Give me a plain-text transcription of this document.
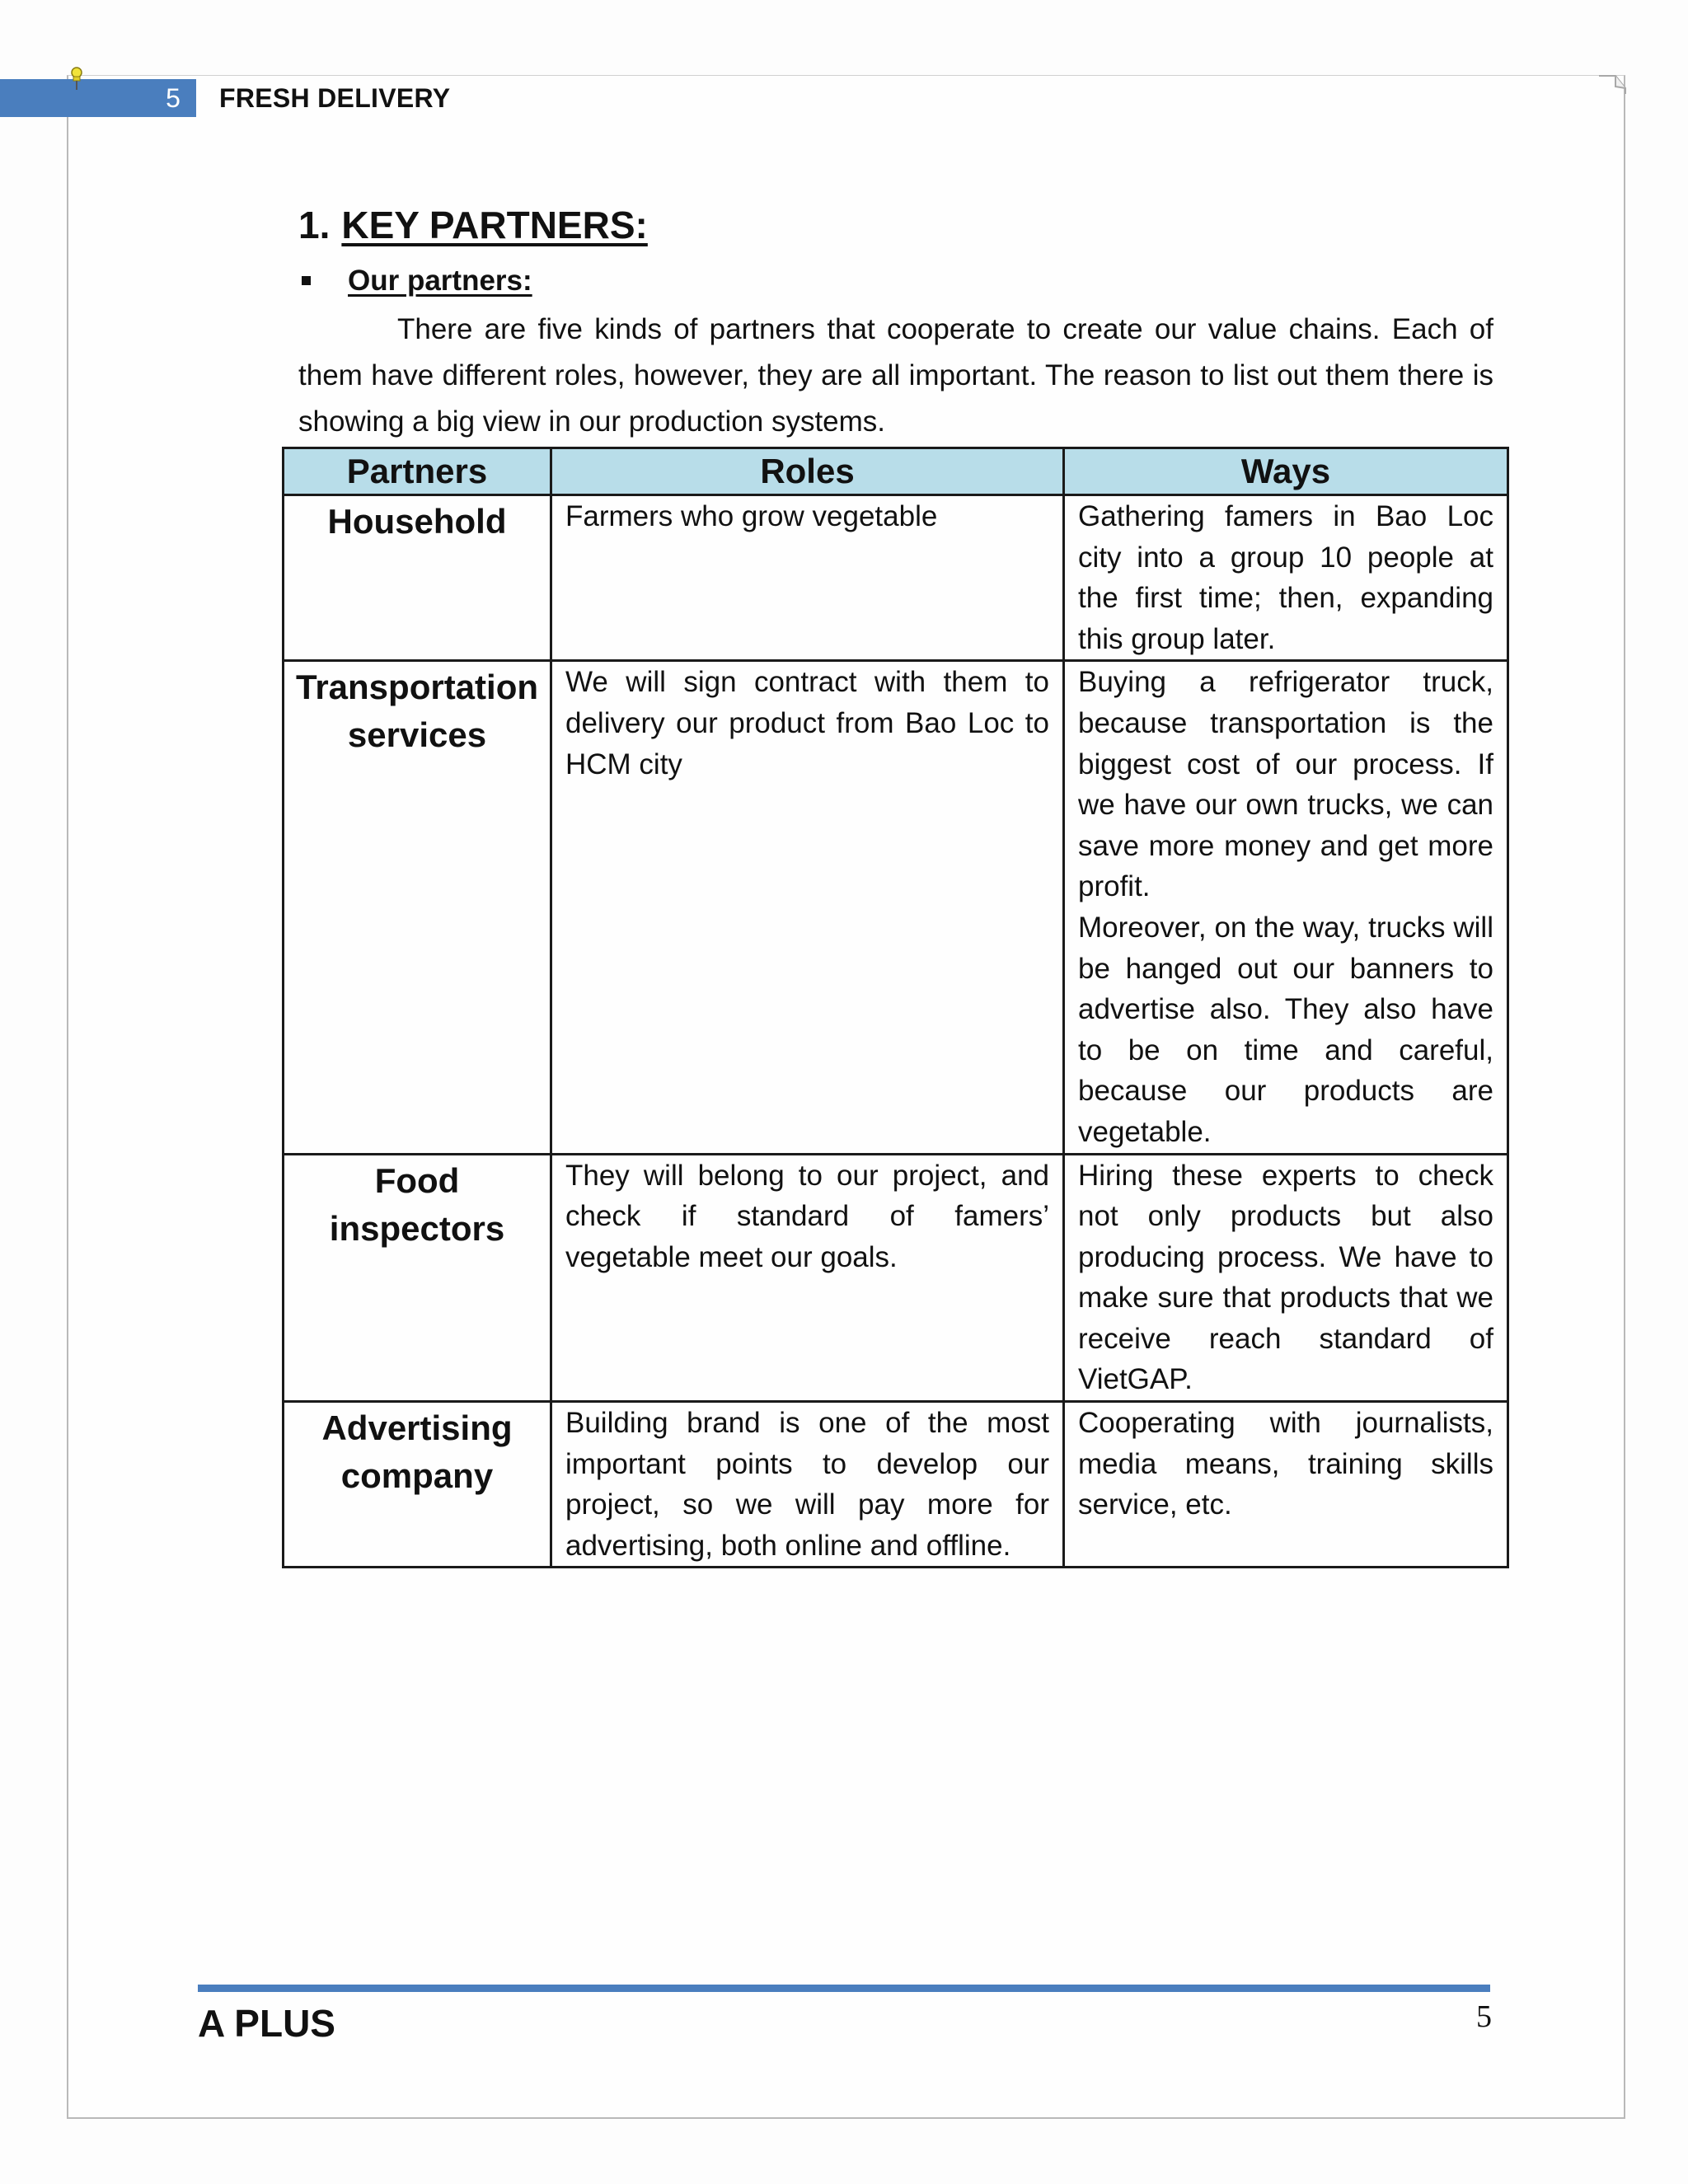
5	FRESH DELIVERY
1. KEY PARTNERS:
Our partners:

There are five kinds of partners that cooperate to create our value chains. Each of them have different roles, however, they are all important. The reason to list out them there is showing a big view in our production systems.

Partners	Roles	Ways
Household	Farmers who grow vegetable	Gathering famers in Bao Loc city into a group 10 people at the first time; then, expanding this group later.
Transportation services	We will sign contract with them to delivery our product from Bao Loc to HCM city	Buying a refrigerator truck, because transportation is the biggest cost of our process. If we have our own trucks, we can save more money and get more profit.
Moreover, on the way, trucks will be hanged out our banners to advertise also. They also have to be on time and careful, because our products are vegetable.

Food inspectors	They will belong to our project, and check if standard of famers’ vegetable meet our goals.	Hiring these experts to check not only products but also producing process. We have to make sure that products that we receive reach standard of VietGAP.
Advertising company	Building brand is one of the most important points to develop our project, so we will pay more for advertising, both online and offline.	Cooperating with journalists, media means, training skills service, etc.
A PLUS	5
